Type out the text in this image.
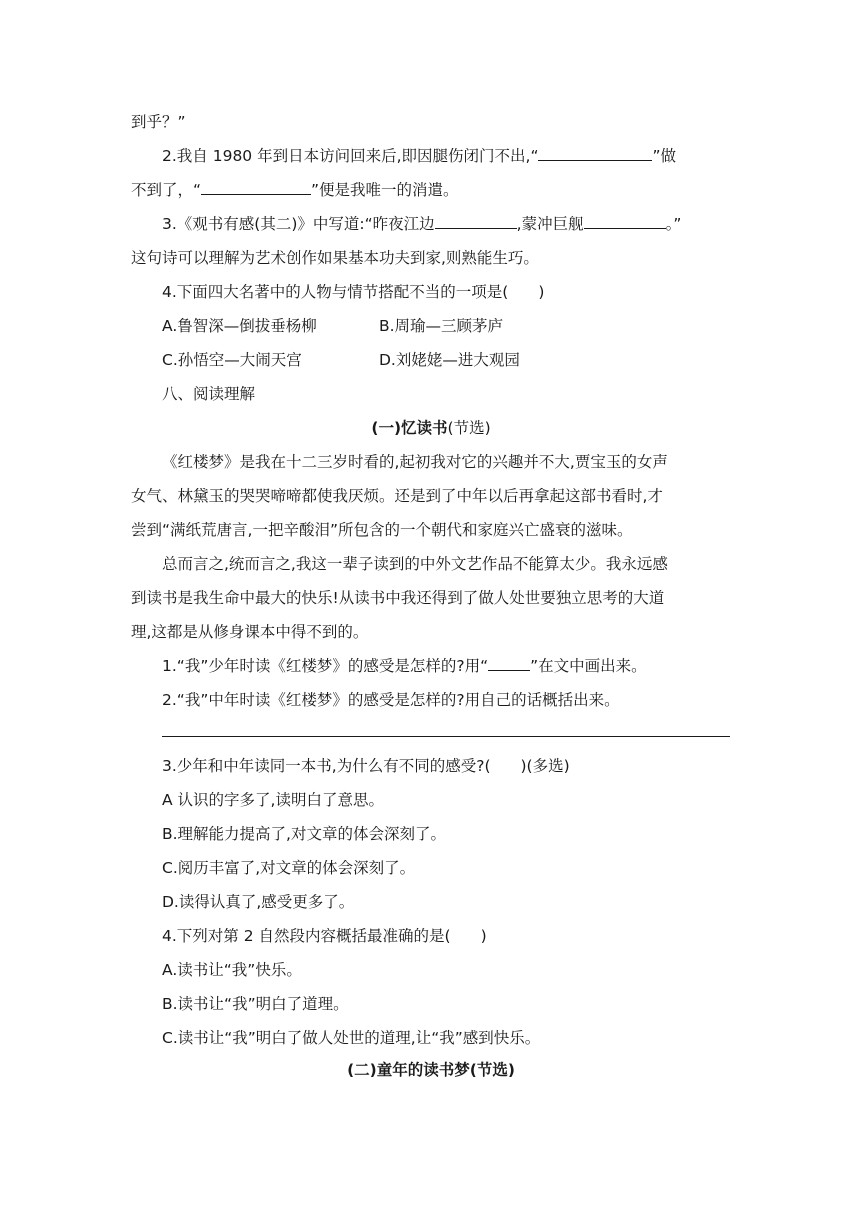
到乎？”
2.我自 1980 年到日本访问回来后,即因腿伤闭门不出,“	”做
不到了，“	”便是我唯一的消遣。
3.《观书有感(其二)》中写道:“昨夜江边	,蒙冲巨舰	。”
这句诗可以理解为艺术创作如果基本功夫到家,则熟能生巧。
4.下面四大名著中的人物与情节搭配不当的一项是( )
A.鲁智深—倒拔垂杨柳	B.周瑜—三顾茅庐
C.孙悟空—大闹天宫	D.刘姥姥—进大观园
八、阅读理解
(一)忆读书(节选)
《红楼梦》是我在十二三岁时看的,起初我对它的兴趣并不大,贾宝玉的女声
女气、林黛玉的哭哭啼啼都使我厌烦。还是到了中年以后再拿起这部书看时,才
尝到“满纸荒唐言,一把辛酸泪”所包含的一个朝代和家庭兴亡盛衰的滋味。
总而言之,统而言之,我这一辈子读到的中外文艺作品不能算太少。我永远感
到读书是我生命中最大的快乐!从读书中我还得到了做人处世要独立思考的大道
理,这都是从修身课本中得不到的。
1.“我”少年时读《红楼梦》的感受是怎样的?用“	”在文中画出来。
2.“我”中年时读《红楼梦》的感受是怎样的?用自己的话概括出来。
3.少年和中年读同一本书,为什么有不同的感受?( )(多选)
A 认识的字多了,读明白了意思。
B.理解能力提高了,对文章的体会深刻了。
C.阅历丰富了,对文章的体会深刻了。
D.读得认真了,感受更多了。
4.下列对第 2 自然段内容概括最准确的是( )
A.读书让“我”快乐。
B.读书让“我”明白了道理。
C.读书让“我”明白了做人处世的道理,让“我”感到快乐。
(二)童年的读书梦(节选)
